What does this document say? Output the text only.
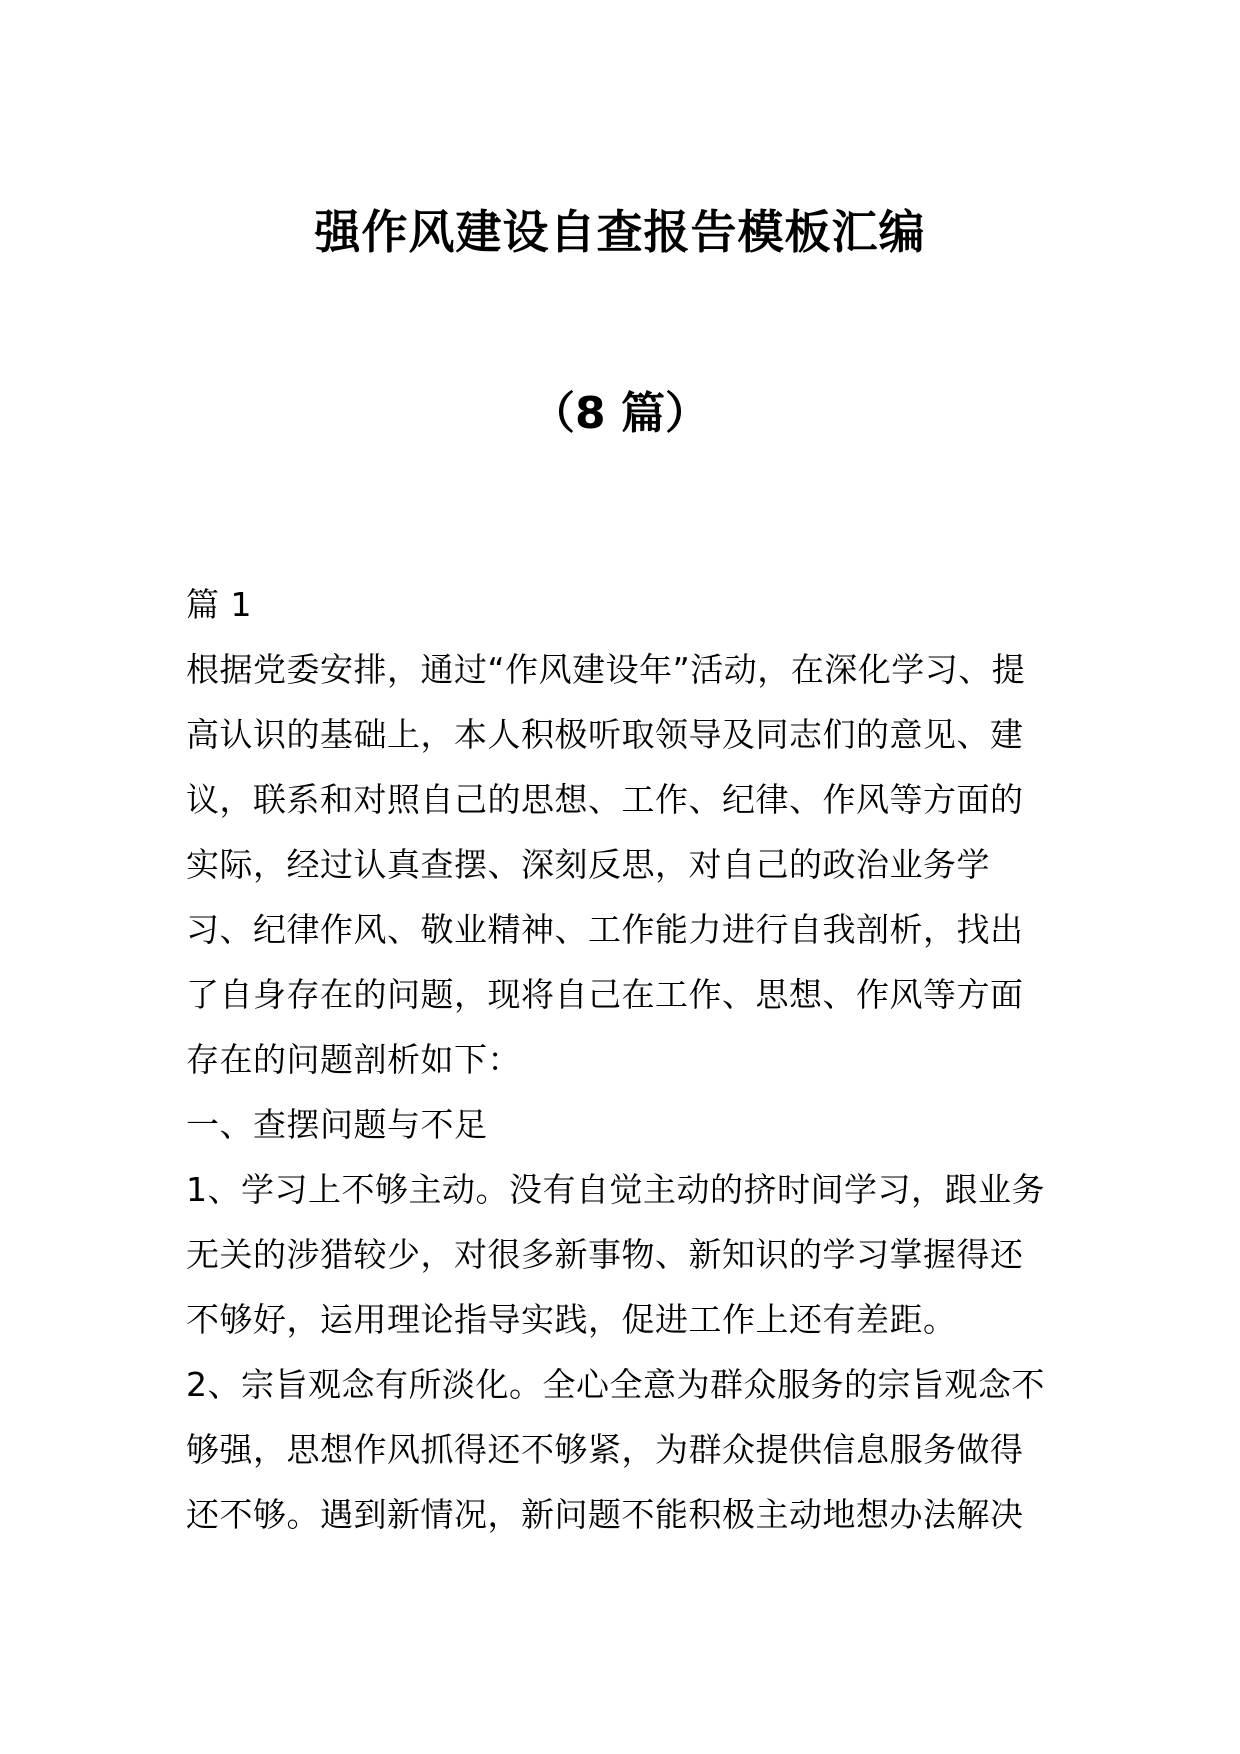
强作风建设自查报告模板汇编
（8 篇）

篇 1

根据党委安排，通过“作风建设年”活动，在深化学习、提高认识的基础上，本人积极听取领导及同志们的意见、建议，联系和对照自己的思想、工作、纪律、作风等方面的实际，经过认真查摆、深刻反思，对自己的政治业务学习、纪律作风、敬业精神、工作能力进行自我剖析，找出了自身存在的问题，现将自己在工作、思想、作风等方面存在的问题剖析如下：

一、查摆问题与不足

1、学习上不够主动。没有自觉主动的挤时间学习，跟业务无关的涉猎较少，对很多新事物、新知识的学习掌握得还不够好，运用理论指导实践，促进工作上还有差距。

2、宗旨观念有所淡化。全心全意为群众服务的宗旨观念不够强，思想作风抓得还不够紧，为群众提供信息服务做得还不够。遇到新情况，新问题不能积极主动地想办法解决
